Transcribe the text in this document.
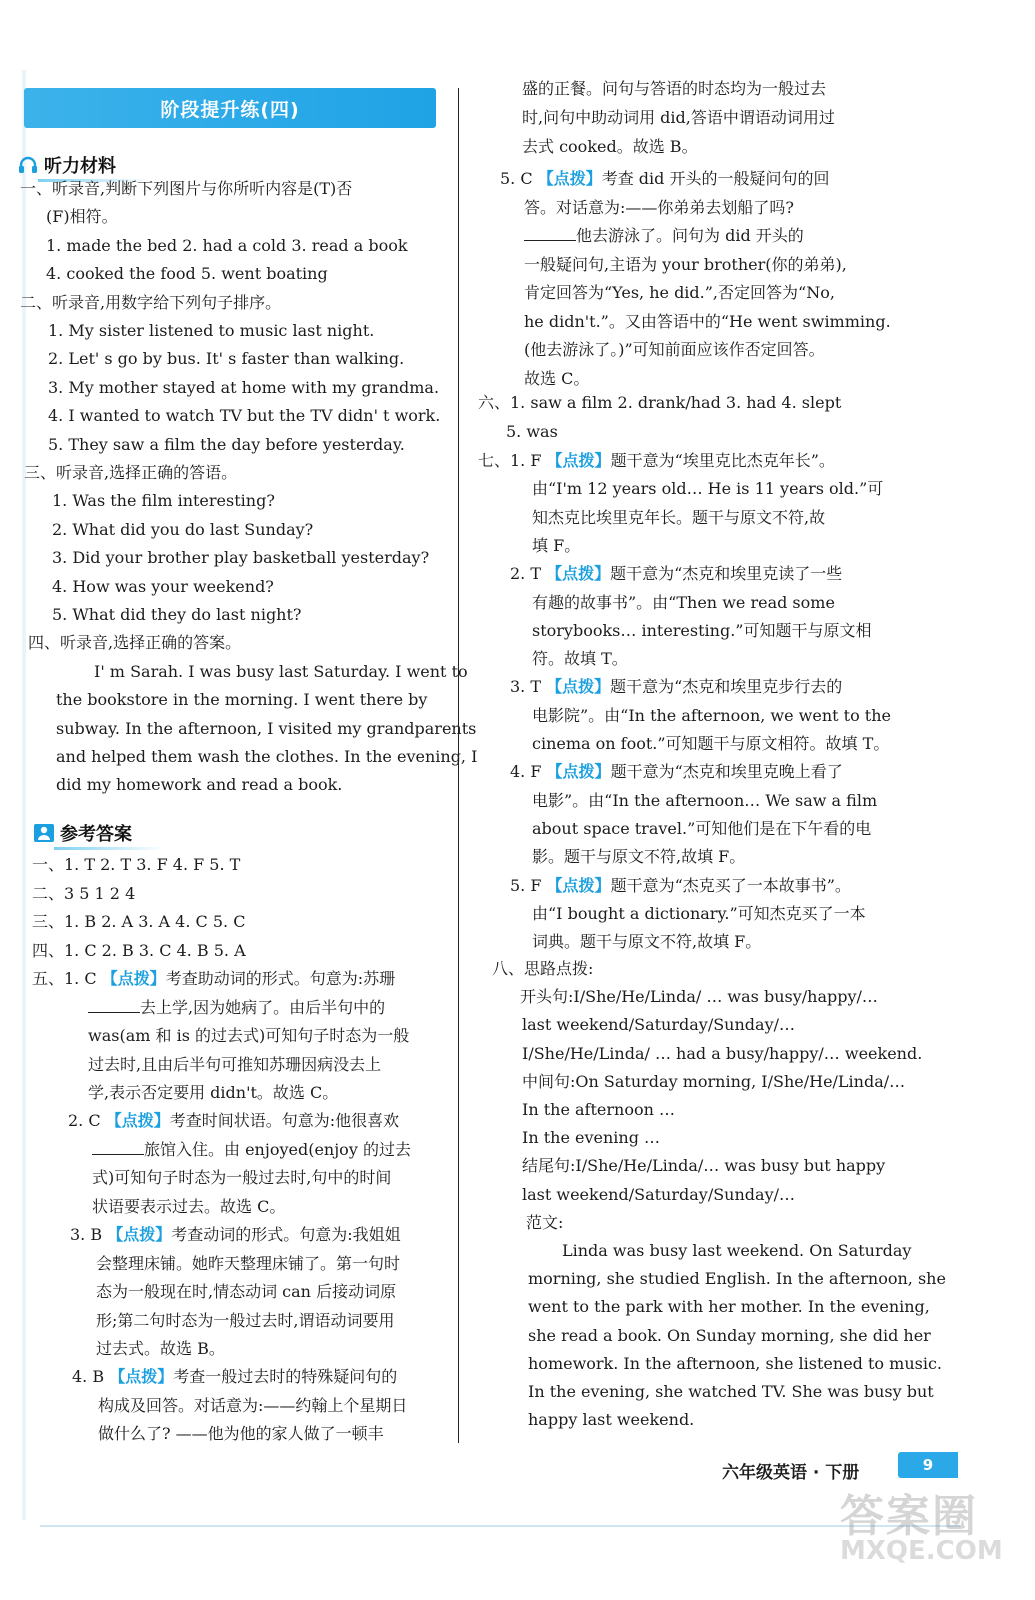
阶段提升练(四)
听力材料
一、听录音,判断下列图片与你所听内容是(T)否
(F)相符。
1. made the bed 2. had a cold 3. read a book
4. cooked the food 5. went boating
二、听录音,用数字给下列句子排序。
1. My sister listened to music last night.
2. Let' s go by bus. It' s faster than walking.
3. My mother stayed at home with my grandma.
4. I wanted to watch TV but the TV didn' t work.
5. They saw a film the day before yesterday.
三、听录音,选择正确的答语。
1. Was the film interesting?
2. What did you do last Sunday?
3. Did your brother play basketball yesterday?
4. How was your weekend?
5. What did they do last night?
四、听录音,选择正确的答案。
I' m Sarah. I was busy last Saturday. I went to
the bookstore in the morning. I went there by
subway. In the afternoon, I visited my grandparents
and helped them wash the clothes. In the evening, I
did my homework and read a book.
参考答案
一、1. T 2. T 3. F 4. F 5. T
二、3 5 1 2 4
三、1. B 2. A 3. A 4. C 5. C
四、1. C 2. B 3. C 4. B 5. A
五、1. C 【点拨】考查助动词的形式。句意为:苏珊
去上学,因为她病了。由后半句中的
was(am 和 is 的过去式)可知句子时态为一般
过去时,且由后半句可推知苏珊因病没去上
学,表示否定要用 didn't。故选 C。
2. C 【点拨】考查时间状语。句意为:他很喜欢
旅馆入住。由 enjoyed(enjoy 的过去
式)可知句子时态为一般过去时,句中的时间
状语要表示过去。故选 C。
3. B 【点拨】考查动词的形式。句意为:我姐姐
会整理床铺。她昨天整理床铺了。第一句时
态为一般现在时,情态动词 can 后接动词原
形;第二句时态为一般过去时,谓语动词要用
过去式。故选 B。
4. B 【点拨】考查一般过去时的特殊疑问句的
构成及回答。对话意为:——约翰上个星期日
做什么了? ——他为他的家人做了一顿丰
盛的正餐。问句与答语的时态均为一般过去
时,问句中助动词用 did,答语中谓语动词用过
去式 cooked。故选 B。
5. C 【点拨】考查 did 开头的一般疑问句的回
答。对话意为:——你弟弟去划船了吗?
他去游泳了。问句为 did 开头的
一般疑问句,主语为 your brother(你的弟弟),
肯定回答为“Yes, he did.”,否定回答为“No,
he didn't.”。又由答语中的“He went swimming.
(他去游泳了。)”可知前面应该作否定回答。
故选 C。
六、1. saw a film 2. drank/had 3. had 4. slept
5. was
七、1. F 【点拨】题干意为“埃里克比杰克年长”。
由“I'm 12 years old… He is 11 years old.”可
知杰克比埃里克年长。题干与原文不符,故
填 F。
2. T 【点拨】题干意为“杰克和埃里克读了一些
有趣的故事书”。由“Then we read some
storybooks… interesting.”可知题干与原文相
符。故填 T。
3. T 【点拨】题干意为“杰克和埃里克步行去的
电影院”。由“In the afternoon, we went to the
cinema on foot.”可知题干与原文相符。故填 T。
4. F 【点拨】题干意为“杰克和埃里克晚上看了
电影”。由“In the afternoon… We saw a film
about space travel.”可知他们是在下午看的电
影。题干与原文不符,故填 F。
5. F 【点拨】题干意为“杰克买了一本故事书”。
由“I bought a dictionary.”可知杰克买了一本
词典。题干与原文不符,故填 F。
八、思路点拨:
开头句:I/She/He/Linda/ … was busy/happy/…
last weekend/Saturday/Sunday/…
I/She/He/Linda/ … had a busy/happy/… weekend.
中间句:On Saturday morning, I/She/He/Linda/…
In the afternoon …
In the evening …
结尾句:I/She/He/Linda/… was busy but happy
last weekend/Saturday/Sunday/…
范文:
Linda was busy last weekend. On Saturday
morning, she studied English. In the afternoon, she
went to the park with her mother. In the evening,
she read a book. On Sunday morning, she did her
homework. In the afternoon, she listened to music.
In the evening, she watched TV. She was busy but
happy last weekend.
六年级英语 · 下册	9
答案圈
MXQE.COM
